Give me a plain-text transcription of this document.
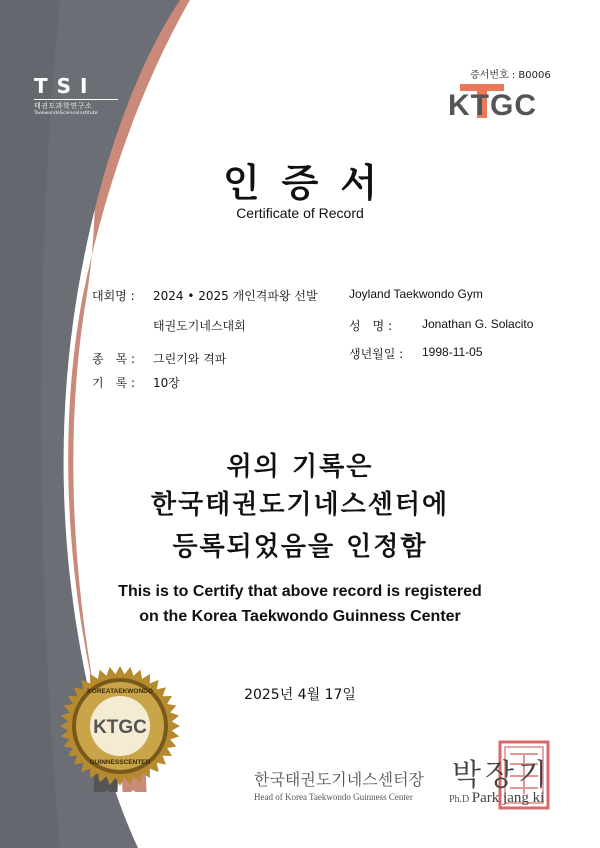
TSI
태권도과학연구소
TaekwondoScienceInstitute
증서번호 : B0006
KTGC
인증서
Certificate of Record
대회명 : 2024 • 2025 개인격파왕 선발
태권도기네스대회
Joyland Taekwondo Gym
성　명 : Jonathan G. Solacito
생년월일 : 1998-11-05
종　목 : 그린기와 격파
기　록 : 10장
위의 기록은
한국태권도기네스센터에
등록되었음을 인정함
This is to Certify that above record is registered
on the Korea Taekwondo Guinness Center
2025년 4월 17일
KOREATAEKWONDO
KTGC
GUINNESSCENTER
한국태권도기네스센터장
Head of Korea Taekwondo Guinness Center
박장기
Ph.D Park jang ki
